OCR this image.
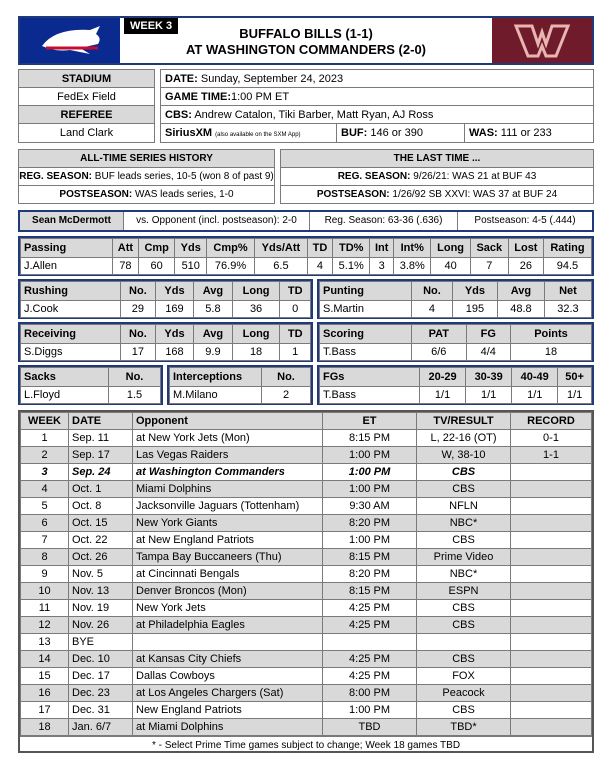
WEEK 3	BUFFALO BILLS (1-1)
AT WASHINGTON COMMANDERS (2-0)
STADIUM
FedEx Field
REFEREE
Land Clark
DATE: Sunday, September 24, 2023
GAME TIME:1:00 PM ET
CBS: Andrew Catalon, Tiki Barber, Matt Ryan, AJ Ross
SiriusXM (also available on the SXM App)	BUF: 146 or 390	WAS: 111 or 233
ALL-TIME SERIES HISTORY
REG. SEASON: BUF leads series, 10-5 (won 8 of past 9)
POSTSEASON: WAS leads series, 1-0
THE LAST TIME ...
REG. SEASON: 9/26/21: WAS 21 at BUF 43
POSTSEASON: 1/26/92 SB XXVI: WAS 37 at BUF 24
Sean McDermott	vs. Opponent (incl. postseason): 2-0	Reg. Season: 63-36 (.636)	Postseason: 4-5 (.444)
Passing	Att	Cmp	Yds	Cmp%	Yds/Att	TD	TD%	Int	Int%	Long	Sack	Lost	Rating
J.Allen	78	60	510	76.9%	6.5	4	5.1%	3	3.8%	40	7	26	94.5
Rushing	No.	Yds	Avg	Long	TD
J.Cook	29	169	5.8	36	0
Punting	No.	Yds	Avg	Net
S.Martin	4	195	48.8	32.3
Receiving	No.	Yds	Avg	Long	TD
S.Diggs	17	168	9.9	18	1
Scoring	PAT	FG	Points
T.Bass	6/6	4/4	18
Sacks	No.
L.Floyd	1.5
Interceptions	No.
M.Milano	2
FGs	20-29	30-39	40-49	50+
T.Bass	1/1	1/1	1/1	1/1
WEEK	DATE	Opponent	ET	TV/RESULT	RECORD
1	Sep. 11	at New York Jets (Mon)	8:15 PM	L, 22-16 (OT)	0-1
2	Sep. 17	Las Vegas Raiders	1:00 PM	W, 38-10	1-1
3	Sep. 24	at Washington Commanders	1:00 PM	CBS	
4	Oct. 1	Miami Dolphins	1:00 PM	CBS	
5	Oct. 8	Jacksonville Jaguars (Tottenham)	9:30 AM	NFLN	
6	Oct. 15	New York Giants	8:20 PM	NBC*	
7	Oct. 22	at New England Patriots	1:00 PM	CBS	
8	Oct. 26	Tampa Bay Buccaneers (Thu)	8:15 PM	Prime Video	
9	Nov. 5	at Cincinnati Bengals	8:20 PM	NBC*	
10	Nov. 13	Denver Broncos (Mon)	8:15 PM	ESPN	
11	Nov. 19	New York Jets	4:25 PM	CBS	
12	Nov. 26	at Philadelphia Eagles	4:25 PM	CBS	
13	BYE				
14	Dec. 10	at Kansas City Chiefs	4:25 PM	CBS	
15	Dec. 17	Dallas Cowboys	4:25 PM	FOX	
16	Dec. 23	at Los Angeles Chargers (Sat)	8:00 PM	Peacock	
17	Dec. 31	New England Patriots	1:00 PM	CBS	
18	Jan. 6/7	at Miami Dolphins	TBD	TBD*	
* - Select Prime Time games subject to change; Week 18 games TBD
